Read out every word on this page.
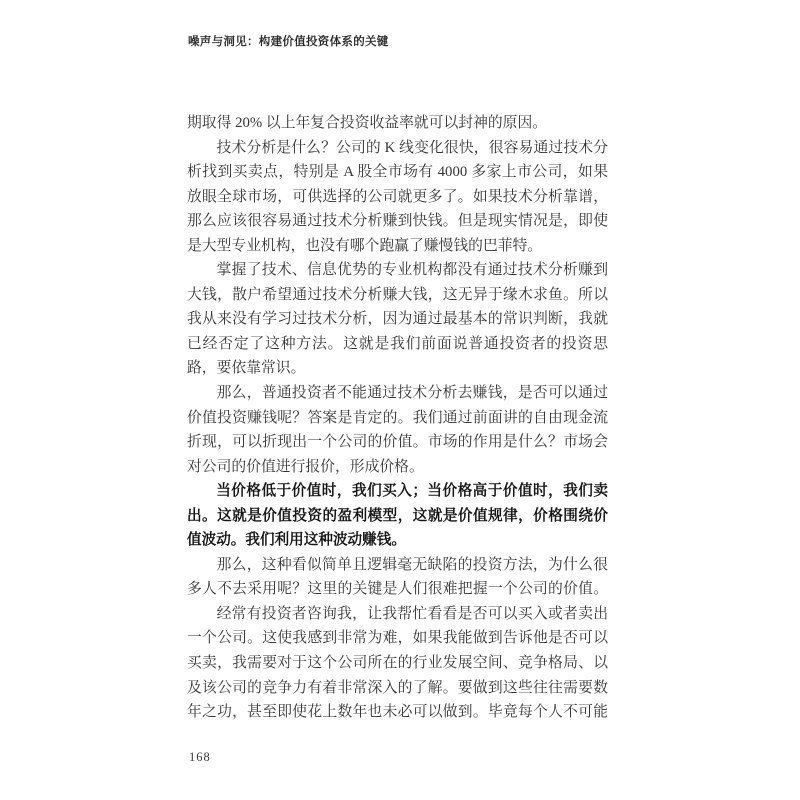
噪声与洞见：构建价值投资体系的关键
期取得 20% 以上年复合投资收益率就可以封神的原因。
技术分析是什么？公司的 K 线变化很快，很容易通过技术分
析找到买卖点，特别是 A 股全市场有 4000 多家上市公司，如果
放眼全球市场，可供选择的公司就更多了。如果技术分析靠谱，
那么应该很容易通过技术分析赚到快钱。但是现实情况是，即使
是大型专业机构，也没有哪个跑赢了赚慢钱的巴菲特。
掌握了技术、信息优势的专业机构都没有通过技术分析赚到
大钱，散户希望通过技术分析赚大钱，这无异于缘木求鱼。所以
我从来没有学习过技术分析，因为通过最基本的常识判断，我就
已经否定了这种方法。这就是我们前面说普通投资者的投资思
路，要依靠常识。
那么，普通投资者不能通过技术分析去赚钱，是否可以通过
价值投资赚钱呢？答案是肯定的。我们通过前面讲的自由现金流
折现，可以折现出一个公司的价值。市场的作用是什么？市场会
对公司的价值进行报价，形成价格。
当价格低于价值时，我们买入；当价格高于价值时，我们卖
出。这就是价值投资的盈利模型，这就是价值规律，价格围绕价
值波动。我们利用这种波动赚钱。
那么，这种看似简单且逻辑毫无缺陷的投资方法，为什么很
多人不去采用呢？这里的关键是人们很难把握一个公司的价值。
经常有投资者咨询我，让我帮忙看看是否可以买入或者卖出
一个公司。这使我感到非常为难，如果我能做到告诉他是否可以
买卖，我需要对于这个公司所在的行业发展空间、竞争格局、以
及该公司的竞争力有着非常深入的了解。要做到这些往往需要数
年之功，甚至即使花上数年也未必可以做到。毕竟每个人不可能
168
